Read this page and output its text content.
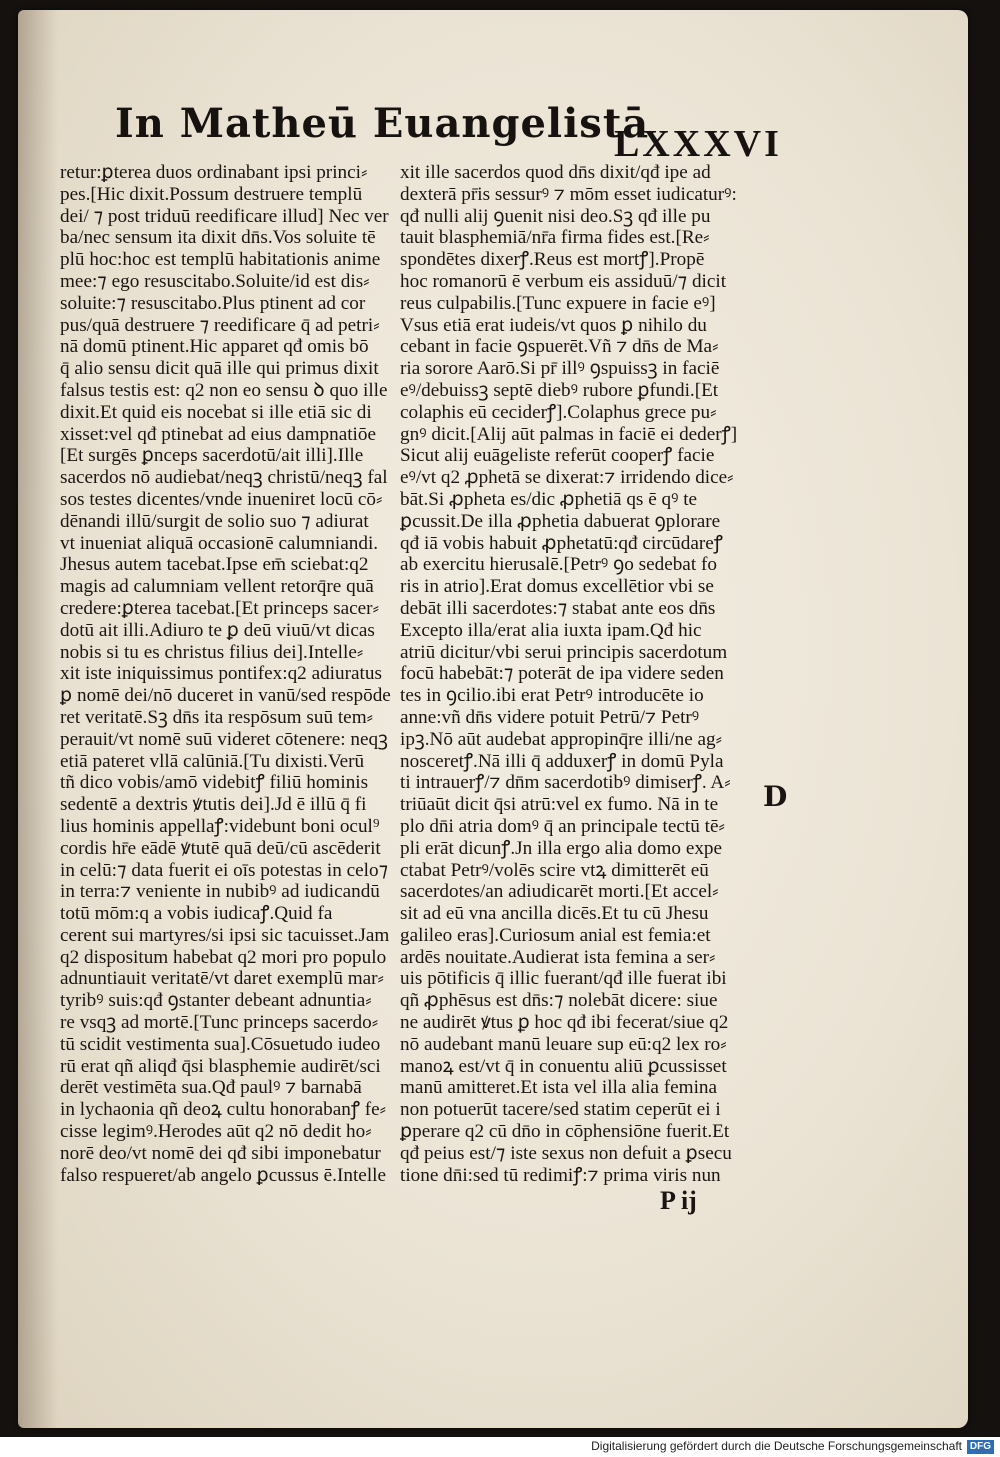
In Matheū Euangelistā
LXXXVI
retur:ꝑterea duos ordinabant ipsi princi⸗
pes.[Hic dixit.Possum destruere templū
dei/ ⁊ post triduū reedificare illud] Nec ver
ba/nec sensum ita dixit dn̄s.Vos soluite tē
plū hoc:hoc est templū habitationis anime
mee:⁊ ego resuscitabo.Soluite/id est dis⸗
soluite:⁊ resuscitabo.Plus ptinent ad cor
pus/quā destruere ⁊ reedificare q̄ ad petri⸗
nā domū ptinent.Hic apparet qđ omis bō
q̄ alio sensu dicit quā ille qui primus dixit
falsus testis est: q2 non eo sensu ꝺ quo ille
dixit.Et quid eis nocebat si ille etiā sic di
xisset:vel qđ ptinebat ad eius dampnatiōe
[Et surgēs ꝑnceps sacerdotū/ait illi].Ille
sacerdos nō audiebat/neqꝫ christū/neqꝫ fal
sos testes dicentes/vnde inueniret locū cō⸗
dēnandi illū/surgit de solio suo ⁊ adiurat
vt inueniat aliquā occasionē calumniandi.
Jhesus autem tacebat.Ipse em̄ sciebat:q2
magis ad calumniam vellent retorq̄re quā
credere:ꝑterea tacebat.[Et princeps sacer⸗
dotū ait illi.Adiuro te ꝑ deū viuū/vt dicas
nobis si tu es christus filius dei].Intelle⸗
xit iste iniquissimus pontifex:q2 adiuratus
ꝑ nomē dei/nō duceret in vanū/sed respōde
ret veritatē.Sꝫ dn̄s ita respōsum suū tem⸗
perauit/vt nomē suū videret cōtenere: neqꝫ
etiā pateret vllā calūniā.[Tu dixisti.Verū
tñ dico vobis/amō videbitꝭ filiū hominis
sedentē a dextris ꝟtutis dei].Jd ē illū q̄ fi
lius hominis appellaꝭ:videbunt boni ocul⁹
cordis hr̄e eādē ꝟtutē quā deū/cū ascēderit
in celū:⁊ data fuerit ei oīs potestas in celo⁊
in terra:⁊ veniente in nubibꝰ ad iudicandū
totū mōm:q a vobis iudicaꝭ.Quid fa
cerent sui martyres/si ipsi sic tacuisset.Jam
q2 dispositum habebat q2 mori pro populo
adnuntiauit veritatē/vt daret exemplū mar⸗
tyribꝰ suis:qđ ꝯstanter debeant adnuntia⸗
re vsqꝫ ad mortē.[Tunc princeps sacerdo⸗
tū scidit vestimenta sua].Cōsuetudo iudeo
rū erat qñ aliqđ q̄si blasphemie audirēt/sci
derēt vestimēta sua.Qđ paulꝰ ⁊ barnabā
in lychaonia qñ deoꝝ cultu honorabanꝭ fe⸗
cisse legimꝰ.Herodes aūt q2 nō dedit ho⸗
norē deo/vt nomē dei qđ sibi imponebatur
falso respueret/ab angelo ꝑcussus ē.Intelle
xit ille sacerdos quod dn̄s dixit/qđ ipe ad
dexterā pr̄is sessurꝰ ⁊ mōm esset iudicaturꝰ:
qđ nulli alij ꝯuenit nisi deo.Sꝫ qđ ille pu
tauit blasphemiā/nr̄a firma fides est.[Re⸗
spondētes dixerꝭ.Reus est mortꝭ].Propē
hoc romanorū ē verbum eis assiduū/⁊ dicit
reus culpabilis.[Tunc expuere in facie eꝰ]
Vsus etiā erat iudeis/vt quos ꝑ nihilo du
cebant in facie ꝯspuerēt.Vñ ⁊ dn̄s de Ma⸗
ria sorore Aarō.Si pr̄ illꝰ ꝯspuissꝫ in faciē
eꝰ/debuissꝫ septē diebꝰ rubore ꝑfundi.[Et
colaphis eū ceciderꝭ].Colaphus grece pu⸗
gnꝰ dicit.[Alij aūt palmas in faciē ei dederꝭ]
Sicut alij euāgeliste referūt cooperꝭ facie
eꝰ/vt q2 ꝓphetā se dixerat:⁊ irridendo dice⸗
bāt.Si ꝓpheta es/dic ꝓphetiā qs ē qꝰ te
ꝑcussit.De illa ꝓphetia dabuerat ꝯplorare
qđ iā vobis habuit ꝓphetatū:qđ circūdareꝭ
ab exercitu hierusalē.[Petrꝰ ꝯo sedebat fo
ris in atrio].Erat domus excellētior vbi se
debāt illi sacerdotes:⁊ stabat ante eos dn̄s
Excepto illa/erat alia iuxta ipam.Qđ hic
atriū dicitur/vbi serui principis sacerdotum
focū habebāt:⁊ poterāt de ipa videre seden
tes in ꝯcilio.ibi erat Petrꝰ introducēte io
anne:vñ dn̄s videre potuit Petrū/⁊ Petrꝰ
ipꝫ.Nō aūt audebat appropinq̄re illi/ne ag⸗
nosceretꝭ.Nā illi q̄ adduxerꝭ in domū Pyla
ti intrauerꝭ/⁊ dn̄m sacerdotibꝰ dimiserꝭ. A⸗
triūaūt dicit q̄si atrū:vel ex fumo. Nā in te
plo dn̄i atria domꝰ q̄ an principale tectū tē⸗
pli erāt dicunꝭ.Jn illa ergo alia domo expe
ctabat Petrꝰ/volēs scire vtꝝ dimitterēt eū
sacerdotes/an adiudicarēt morti.[Et accel⸗
sit ad eū vna ancilla dicēs.Et tu cū Jhesu
galileo eras].Curiosum anial est femia:et
ardēs nouitate.Audierat ista femina a ser⸗
uis pōtificis q̄ illic fuerant/qđ ille fuerat ibi
qñ ꝓphēsus est dn̄s:⁊ nolebāt dicere: siue
ne audirēt ꝟtus ꝑ hoc qđ ibi fecerat/siue q2
nō audebant manū leuare sup eū:q2 lex ro⸗
manoꝝ est/vt q̄ in conuentu aliū ꝑcussisset
manū amitteret.Et ista vel illa alia femina
non potuerūt tacere/sed statim ceperūt ei i
ꝑperare q2 cū dn̄o in cōphensiōne fuerit.Et
qđ peius est/⁊ iste sexus non defuit a ꝑsecu
tione dn̄i:sed tū redimiꝭ:⁊ prima viris nun
D
P ij
Digitalisierung gefördert durch die Deutsche Forschungsgemeinschaft DFG
